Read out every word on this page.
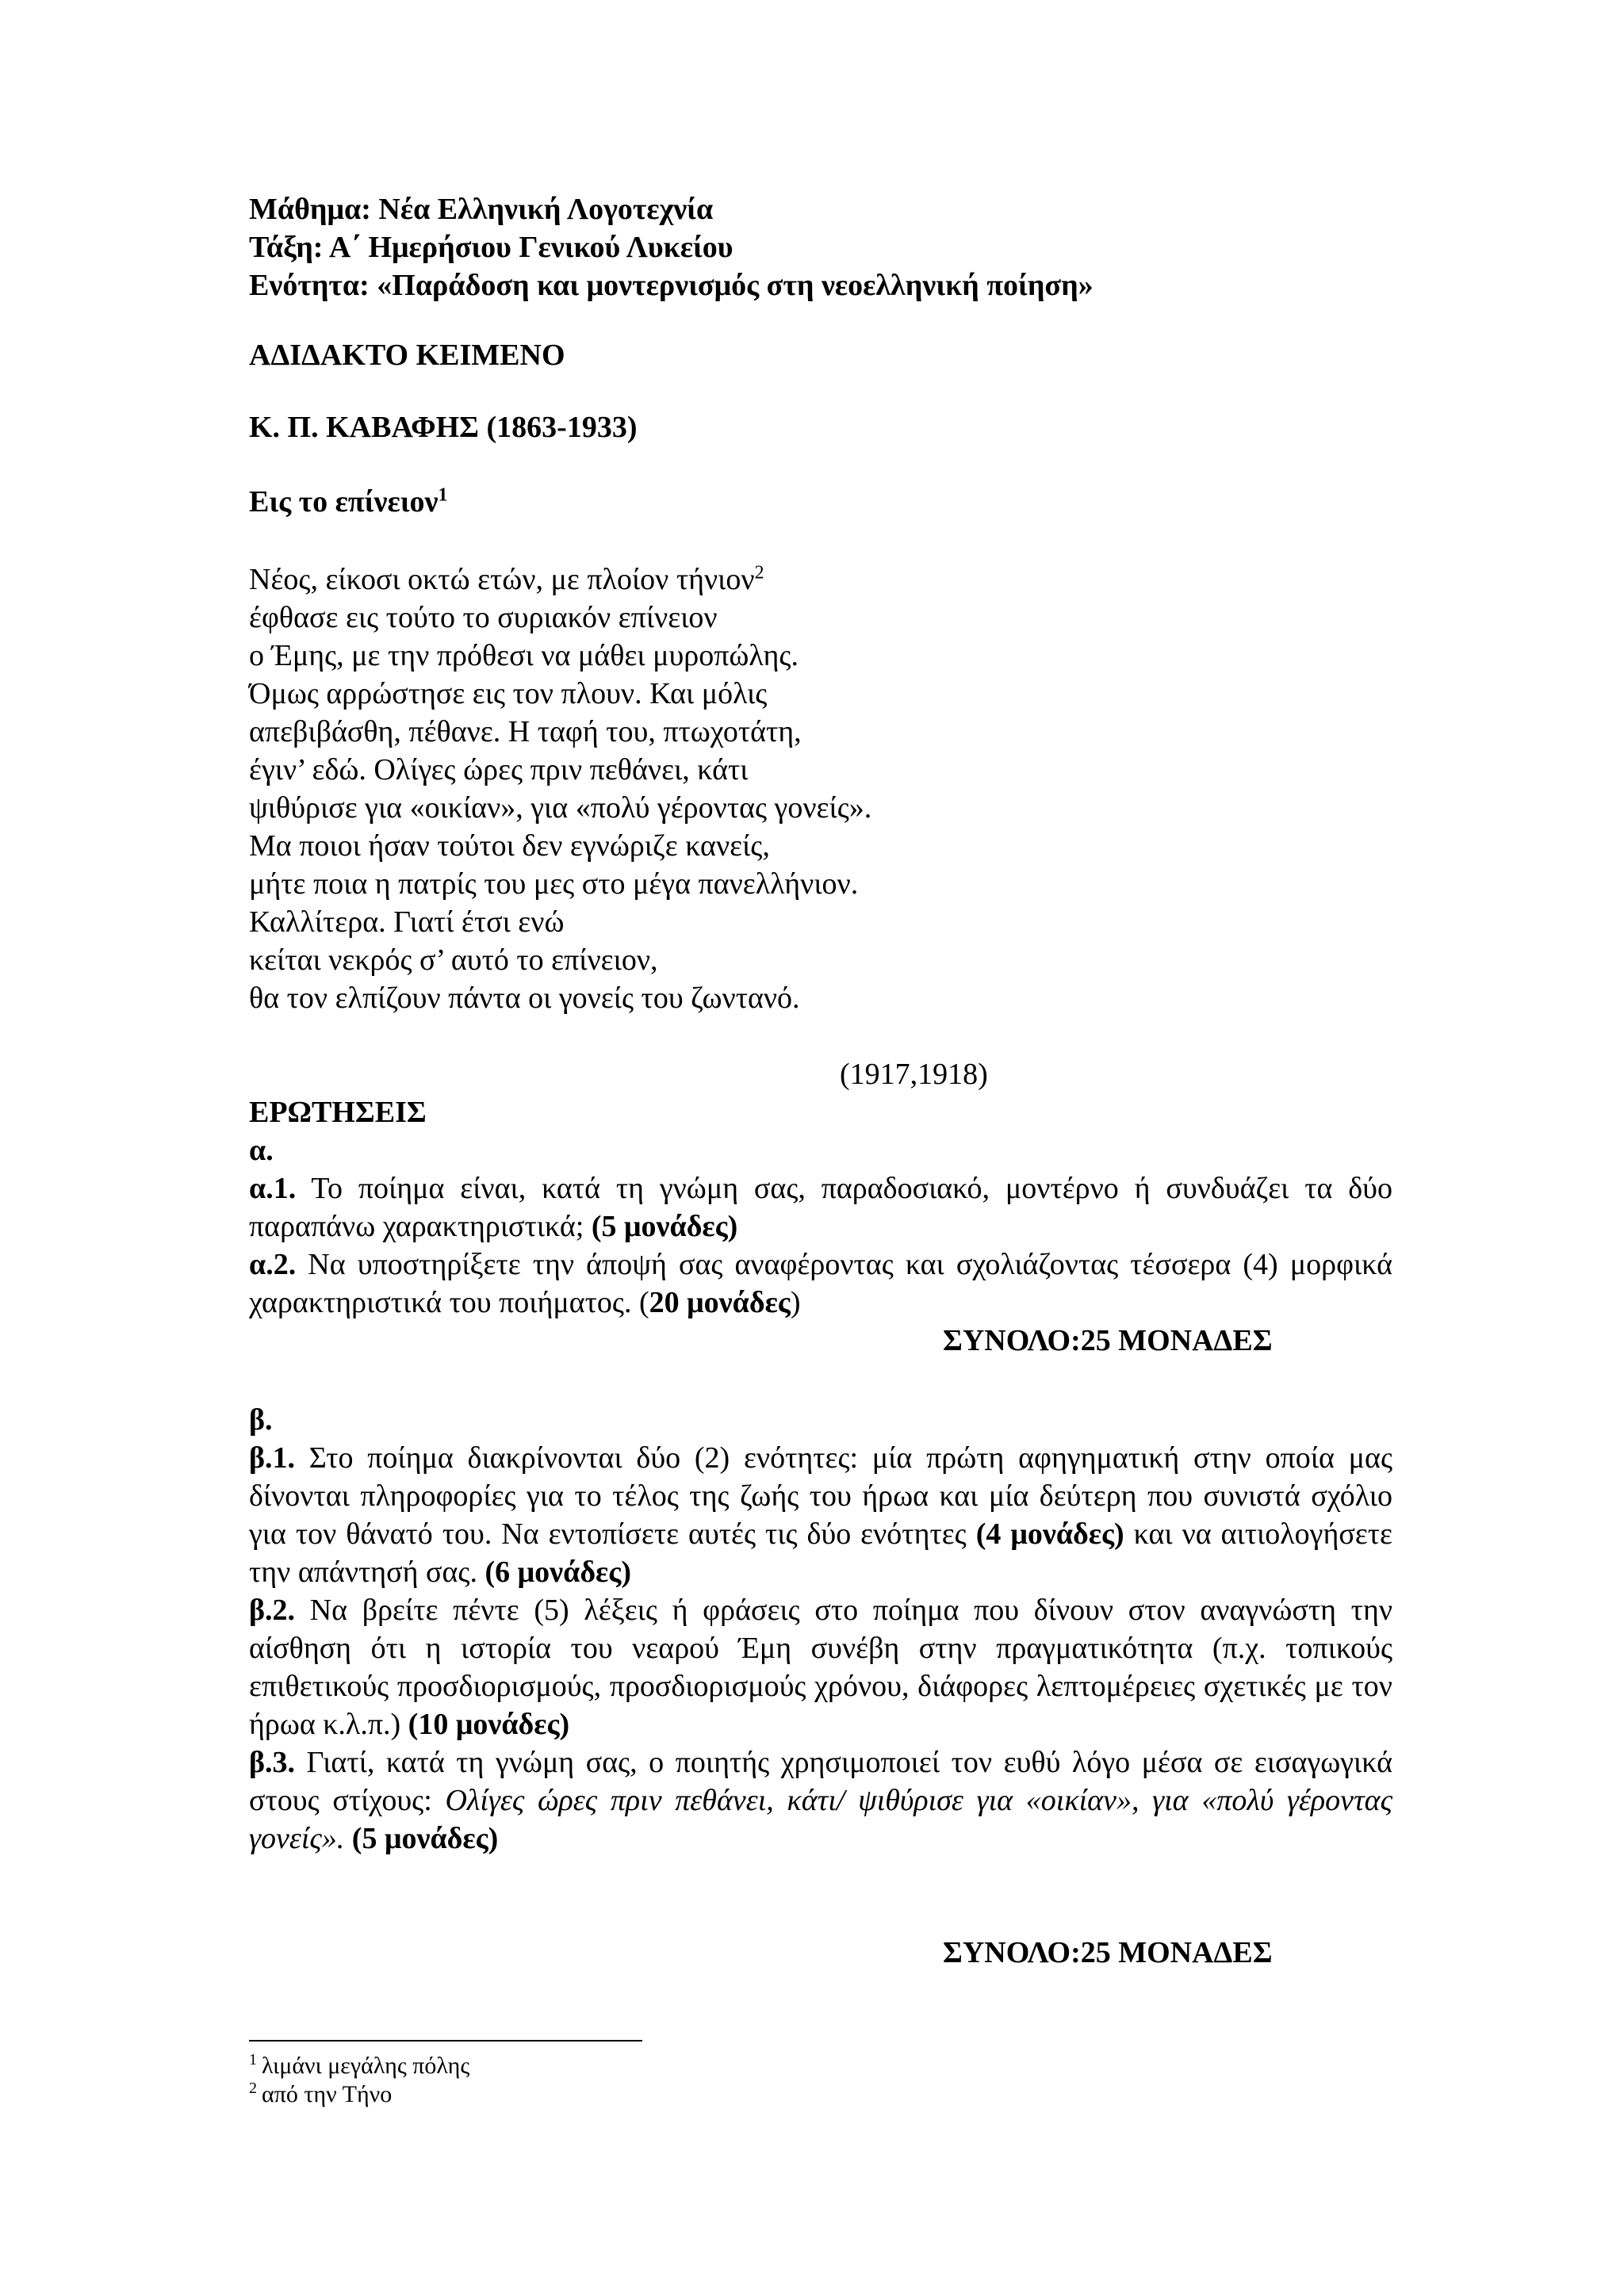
Μάθημα: Νέα Ελληνική Λογοτεχνία

Τάξη: Α΄ Ημερήσιου Γενικού Λυκείου

Ενότητα: «Παράδοση και μοντερνισμός στη νεοελληνική ποίηση»

ΑΔΙΔΑΚΤΟ ΚΕΙΜΕΝΟ

Κ. Π. ΚΑΒΑΦΗΣ (1863-1933)

Εις το επίνειον$^1$

Νέος, είκοσι οκτώ ετών, με πλοίον τήνιον$^2$

έφθασε εις τούτο το συριακόν επίνειον

ο Έμης, με την πρόθεσι να μάθει μυροπώλης.

Όμως αρρώστησε εις τον πλουν. Και μόλις

απεβιβάσθη, πέθανε. Η ταφή του, πτωχοτάτη,

έγιν’ εδώ. Ολίγες ώρες πριν πεθάνει, κάτι

ψιθύρισε για «οικίαν», για «πολύ γέροντας γονείς».

Μα ποιοι ήσαν τούτοι δεν εγνώριζε κανείς,

μήτε ποια η πατρίς του μες στο μέγα πανελλήνιον.

Καλλίτερα. Γιατί έτσι ενώ

κείται νεκρός σ’ αυτό το επίνειον,

θα τον ελπίζουν πάντα οι γονείς του ζωντανό.

(1917,1918)

ΕΡΩΤΗΣΕΙΣ

α.

α.1. Το ποίημα είναι, κατά τη γνώμη σας, παραδοσιακό, μοντέρνο ή συνδυάζει τα δύο παραπάνω χαρακτηριστικά; (5 μονάδες)

α.2. Να υποστηρίξετε την άποψή σας αναφέροντας και σχολιάζοντας τέσσερα (4) μορφικά χαρακτηριστικά του ποιήματος. (20 μονάδες)

ΣΥΝΟΛΟ:25 ΜΟΝΑΔΕΣ

β.

β.1. Στο ποίημα διακρίνονται δύο (2) ενότητες: μία πρώτη αφηγηματική στην οποία μας δίνονται πληροφορίες για το τέλος της ζωής του ήρωα και μία δεύτερη που συνιστά σχόλιο για τον θάνατό του. Να εντοπίσετε αυτές τις δύο ενότητες (4 μονάδες) και να αιτιολογήσετε την απάντησή σας. (6 μονάδες)

β.2. Να βρείτε πέντε (5) λέξεις ή φράσεις στο ποίημα που δίνουν στον αναγνώστη την αίσθηση ότι η ιστορία του νεαρού Έμη συνέβη στην πραγματικότητα (π.χ. τοπικούς επιθετικούς προσδιορισμούς, προσδιορισμούς χρόνου, διάφορες λεπτομέρειες σχετικές με τον ήρωα κ.λ.π.) (10 μονάδες)

β.3. Γιατί, κατά τη γνώμη σας, ο ποιητής χρησιμοποιεί τον ευθύ λόγο μέσα σε εισαγωγικά στους στίχους: Ολίγες ώρες πριν πεθάνει, κάτι/ ψιθύρισε για «οικίαν», για «πολύ γέροντας γονείς». (5 μονάδες)

ΣΥΝΟΛΟ:25 ΜΟΝΑΔΕΣ

$^1$ λιμάνι μεγάλης πόλης

$^2$ από την Τήνο
